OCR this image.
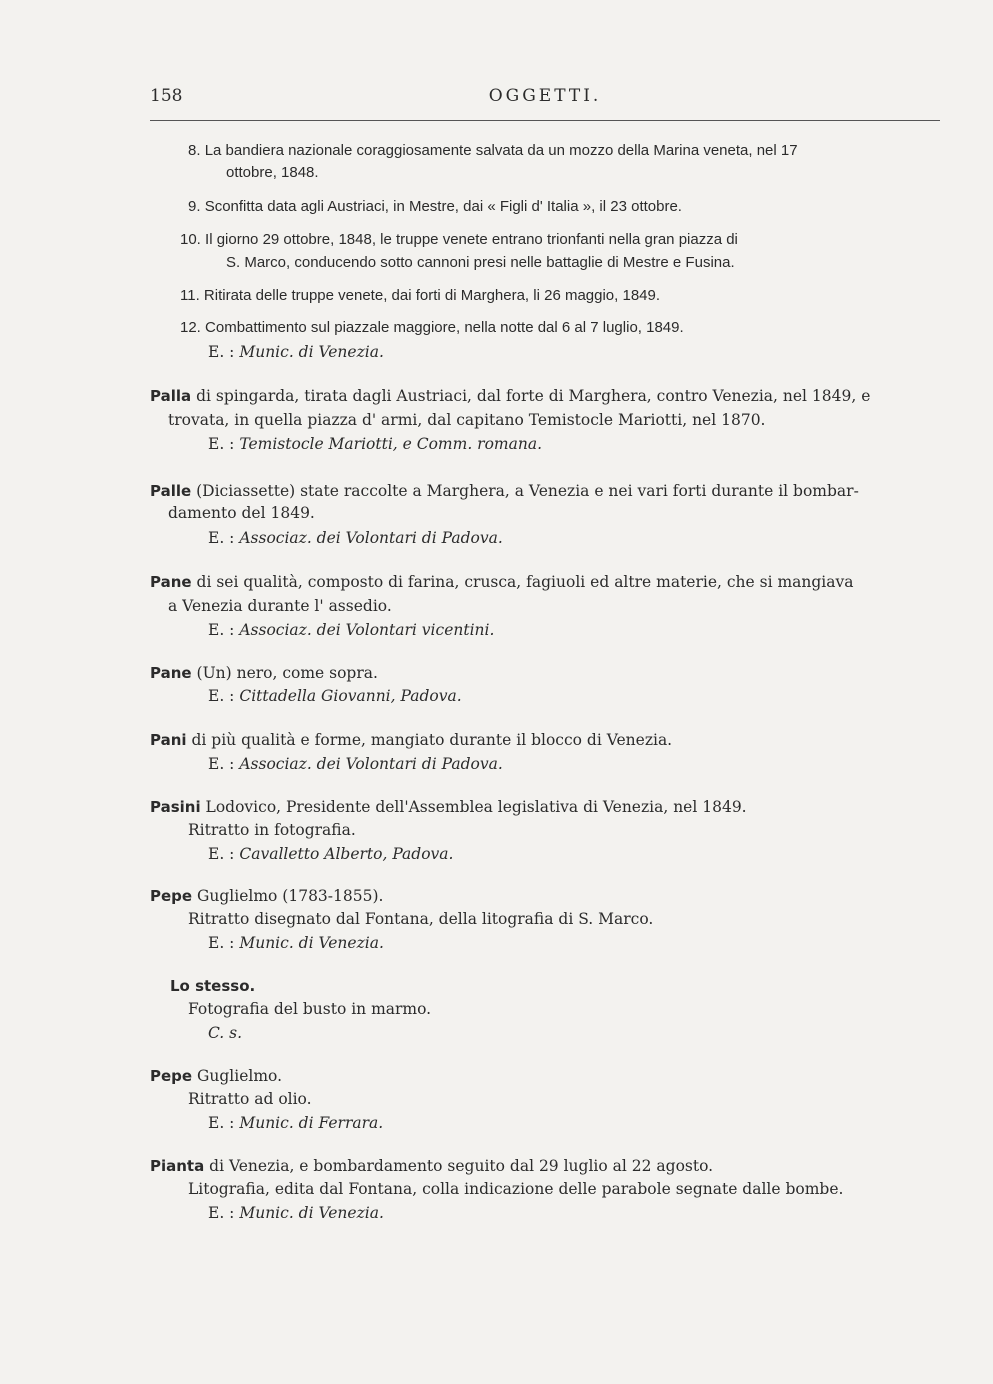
158	OGGETTI.
8. La bandiera nazionale coraggiosamente salvata da un mozzo della Marina veneta, nel 17
ottobre, 1848.
9. Sconfitta data agli Austriaci, in Mestre, dai « Figli d' Italia », il 23 ottobre.
10. Il giorno 29 ottobre, 1848, le truppe venete entrano trionfanti nella gran piazza di
S. Marco, conducendo sotto cannoni presi nelle battaglie di Mestre e Fusina.
11. Ritirata delle truppe venete, dai forti di Marghera, li 26 maggio, 1849.
12. Combattimento sul piazzale maggiore, nella notte dal 6 al 7 luglio, 1849.
E. : Munic. di Venezia.
Palla di spingarda, tirata dagli Austriaci, dal forte di Marghera, contro Venezia, nel 1849, e
trovata, in quella piazza d' armi, dal capitano Temistocle Mariotti, nel 1870.
E. : Temistocle Mariotti, e Comm. romana.
Palle (Diciassette) state raccolte a Marghera, a Venezia e nei vari forti durante il bombar-
damento del 1849.
E. : Associaz. dei Volontari di Padova.
Pane di sei qualità, composto di farina, crusca, fagiuoli ed altre materie, che si mangiava
a Venezia durante l' assedio.
E. : Associaz. dei Volontari vicentini.
Pane (Un) nero, come sopra.
E. : Cittadella Giovanni, Padova.
Pani di più qualità e forme, mangiato durante il blocco di Venezia.
E. : Associaz. dei Volontari di Padova.
Pasini Lodovico, Presidente dell'Assemblea legislativa di Venezia, nel 1849.
Ritratto in fotografia.
E. : Cavalletto Alberto, Padova.
Pepe Guglielmo (1783-1855).
Ritratto disegnato dal Fontana, della litografia di S. Marco.
E. : Munic. di Venezia.
Lo stesso.
Fotografia del busto in marmo.
C. s.
Pepe Guglielmo.
Ritratto ad olio.
E. : Munic. di Ferrara.
Pianta di Venezia, e bombardamento seguito dal 29 luglio al 22 agosto.
Litografia, edita dal Fontana, colla indicazione delle parabole segnate dalle bombe.
E. : Munic. di Venezia.
